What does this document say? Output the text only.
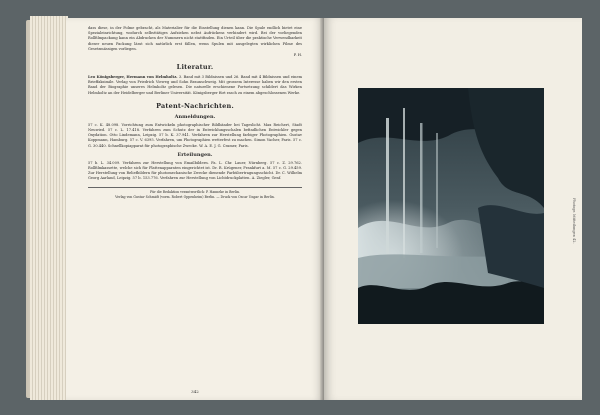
dass diese, in der Folme gebracht, als Materialier für die Einstellung dienen kann. Die Spule endlich bietet eine Spezialeinrichtung, wodurch selbsttätiges Aufziehen nebst Aufrückens verhindert wird. Bei der vorliegenden Rollfilmpackung kann ein Abdrucken der Nummern nicht stattfinden. Ein Urteil über die praktische Verwendbarkeit dieser neuen Packung lässt sich natürlich erst fällen, wenn Spulen mit ausgelegten wirklichen Filme des Gesetzmässigen vorliegen.

P. H.
Literatur.

Leo Königsberger, Hermann von Helmholtz. 3. Band mit 3 Bildnissen und 26. Band mit 4 Bildnissen und einem Brieffaksimile. Verlag von Friedrich Vieweg und Sohn Braunschweig. Mit grossem Interesse haben wir den ersten Band der Biographie unseres Helmholtz gelesen. Die naturelle erschienene Fortsetzung schildert das Wirken Helmholtz an der Heidelberger und Berliner Universität. Königsberger fürt rasch zu einem abgeschlossenen Werke.

Patent-Nachrichten.
Anmeldungen.

57 c. K. 48.098. Vorrichtung zum Entwickeln photographischer Bildbänder bei Tageslicht. Max Reichert, Stadt Neuwied. 57 c. L. 17.418. Verfahren zum Schutz der in Entwicklungsschalen befindlichen Entwickler gegen Oxydation. Otto Lindemann, Leipzig. 57 b. K. 37.941. Verfahren zur Herstellung farbiger Photographien. Gustav Koppmann, Hamburg. 57 c. V. 6395. Verfahren, um Photographien wetterfest zu machen. Simon Vacher, Paris. 57 c. G. 30.440. Schnellkopiapparat für photographische Zwecke. W. A. E. J. G. Cramer, Paris.

Erteilungen.

57 b. L. 34.009. Verfahren zur Herstellung von Emailbildern. Fa. L. Chr. Lauer, Nürnberg. 57 c. Z. 29.762. Rollfilmkassette, welche sich für Plattenapparaten eingerichtet ist. Dr. R. Krügener, Frankfurt a. M. 57 c. G. 29.459. Zur Herstellung von Reliefbildern für photomechanische Zwecke dienende Farbübertragungsschicht. Dr. C. Wilhelm Georg Aarland, Leipzig. 57 b. 153.776. Verfahren zur Herstellung von Lichtdruckplatten. A. Ziegler, Genf.

Für die Redaktion verantwortlich: P. Hanneke in Berlin.

Verlag von Gustav Schmidt (vorm. Robert Oppenheim) Berlin. — Druck von Oscar Ungar in Berlin.

342
Photogr. Mitteilungen 42.
